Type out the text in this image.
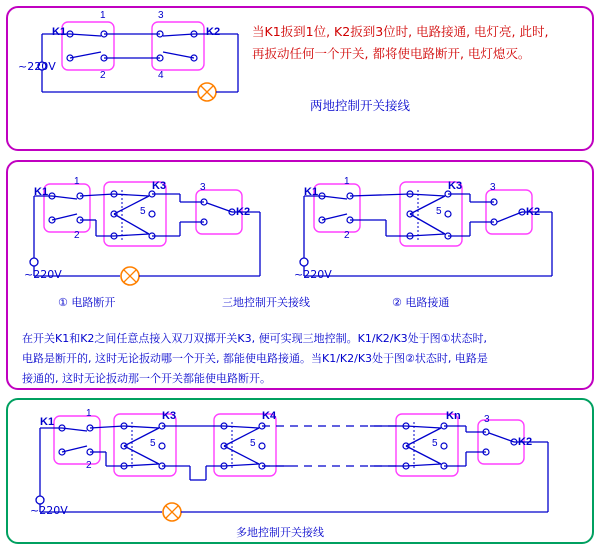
K1	K2
1
2
3
4
~220V
当K1扳到1位, K2扳到3位时, 电路接通, 电灯亮, 此时,
再扳动任何一个开关, 都将使电路断开, 电灯熄灭。
两地控制开关接线
K1	K3
K2
1
2
3
5
~220V
K1	K3
K2
1
2
3
5
~220V
① 电路断开	三地控制开关接线	② 电路接通
在开关K1和K2之间任意点接入双刀双掷开关K3, 便可实现三地控制。K1/K2/K3处于图①状态时,
电路是断开的, 这时无论扳动哪一个开关, 都能使电路接通。当K1/K2/K3处于图②状态时, 电路是
接通的, 这时无论扳动那一个开关都能使电路断开。
K1	K3	K4	Kn
K2
1
2
5	5	5
3
~220V
多地控制开关接线
